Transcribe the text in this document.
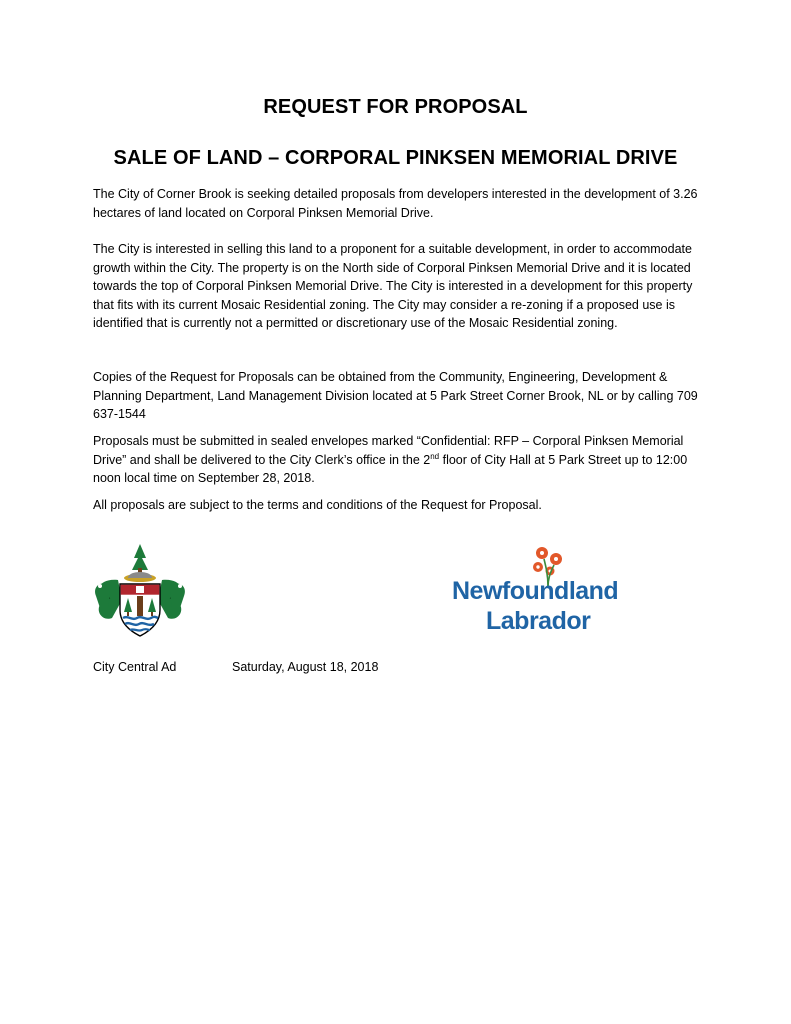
REQUEST FOR PROPOSAL
SALE OF LAND – CORPORAL PINKSEN MEMORIAL DRIVE

The City of Corner Brook is seeking detailed proposals from developers interested in the development of 3.26 hectares of land located on Corporal Pinksen Memorial Drive.

The City is interested in selling this land to a proponent for a suitable development, in order to accommodate growth within the City. The property is on the North side of Corporal Pinksen Memorial Drive and it is located towards the top of Corporal Pinksen Memorial Drive. The City is interested in a development for this property that fits with its current Mosaic Residential zoning. The City may consider a re-zoning if a proposed use is identified that is currently not a permitted or discretionary use of the Mosaic Residential zoning.

Copies of the Request for Proposals can be obtained from the Community, Engineering, Development & Planning Department, Land Management Division located at 5 Park Street Corner Brook, NL or by calling 709 637-1544

Proposals must be submitted in sealed envelopes marked “Confidential: RFP – Corporal Pinksen Memorial Drive” and shall be delivered to the City Clerk’s office in the 2nd floor of City Hall at 5 Park Street up to 12:00 noon local time on September 28, 2018.

All proposals are subject to the terms and conditions of the Request for Proposal.

Newfoundland
Labrador
City Central Ad	Saturday, August 18, 2018
